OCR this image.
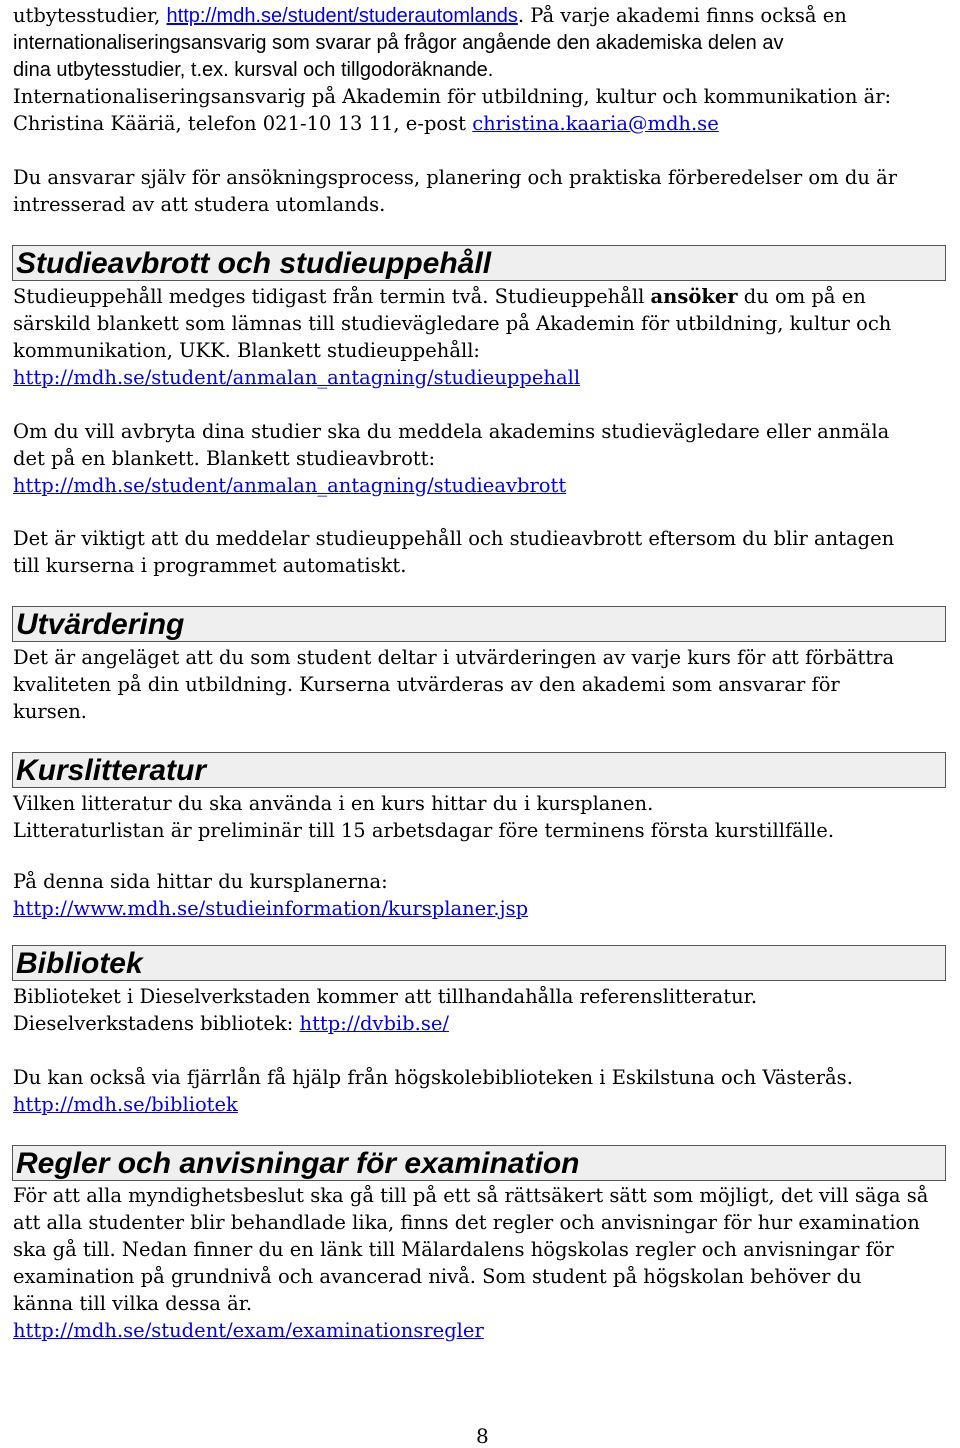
utbytesstudier, http://mdh.se/student/studerautomlands. På varje akademi finns också en

internationaliseringsansvarig som svarar på frågor angående den akademiska delen av

dina utbytesstudier, t.ex. kursval och tillgodoräknande.

Internationaliseringsansvarig på Akademin för utbildning, kultur och kommunikation är:

Christina Kääriä, telefon 021-10 13 11, e-post christina.kaaria@mdh.se

Du ansvarar själv för ansökningsprocess, planering och praktiska förberedelser om du är

intresserad av att studera utomlands.

Studieavbrott och studieuppehåll

Studieuppehåll medges tidigast från termin två. Studieuppehåll ansöker du om på en

särskild blankett som lämnas till studievägledare på Akademin för utbildning, kultur och

kommunikation, UKK. Blankett studieuppehåll:

http://mdh.se/student/anmalan_antagning/studieuppehall

Om du vill avbryta dina studier ska du meddela akademins studievägledare eller anmäla

det på en blankett. Blankett studieavbrott:

http://mdh.se/student/anmalan_antagning/studieavbrott

Det är viktigt att du meddelar studieuppehåll och studieavbrott eftersom du blir antagen

till kurserna i programmet automatiskt.

Utvärdering

Det är angeläget att du som student deltar i utvärderingen av varje kurs för att förbättra

kvaliteten på din utbildning. Kurserna utvärderas av den akademi som ansvarar för

kursen.

Kurslitteratur

Vilken litteratur du ska använda i en kurs hittar du i kursplanen.

Litteraturlistan är preliminär till 15 arbetsdagar före terminens första kurstillfälle.

På denna sida hittar du kursplanerna:

http://www.mdh.se/studieinformation/kursplaner.jsp

Bibliotek

Biblioteket i Dieselverkstaden kommer att tillhandahålla referenslitteratur.

Dieselverkstadens bibliotek: http://dvbib.se/

Du kan också via fjärrlån få hjälp från högskolebiblioteken i Eskilstuna och Västerås.

http://mdh.se/bibliotek

Regler och anvisningar för examination

För att alla myndighetsbeslut ska gå till på ett så rättsäkert sätt som möjligt, det vill säga så

att alla studenter blir behandlade lika, finns det regler och anvisningar för hur examination

ska gå till. Nedan finner du en länk till Mälardalens högskolas regler och anvisningar för

examination på grundnivå och avancerad nivå. Som student på högskolan behöver du

känna till vilka dessa är.

http://mdh.se/student/exam/examinationsregler

8
